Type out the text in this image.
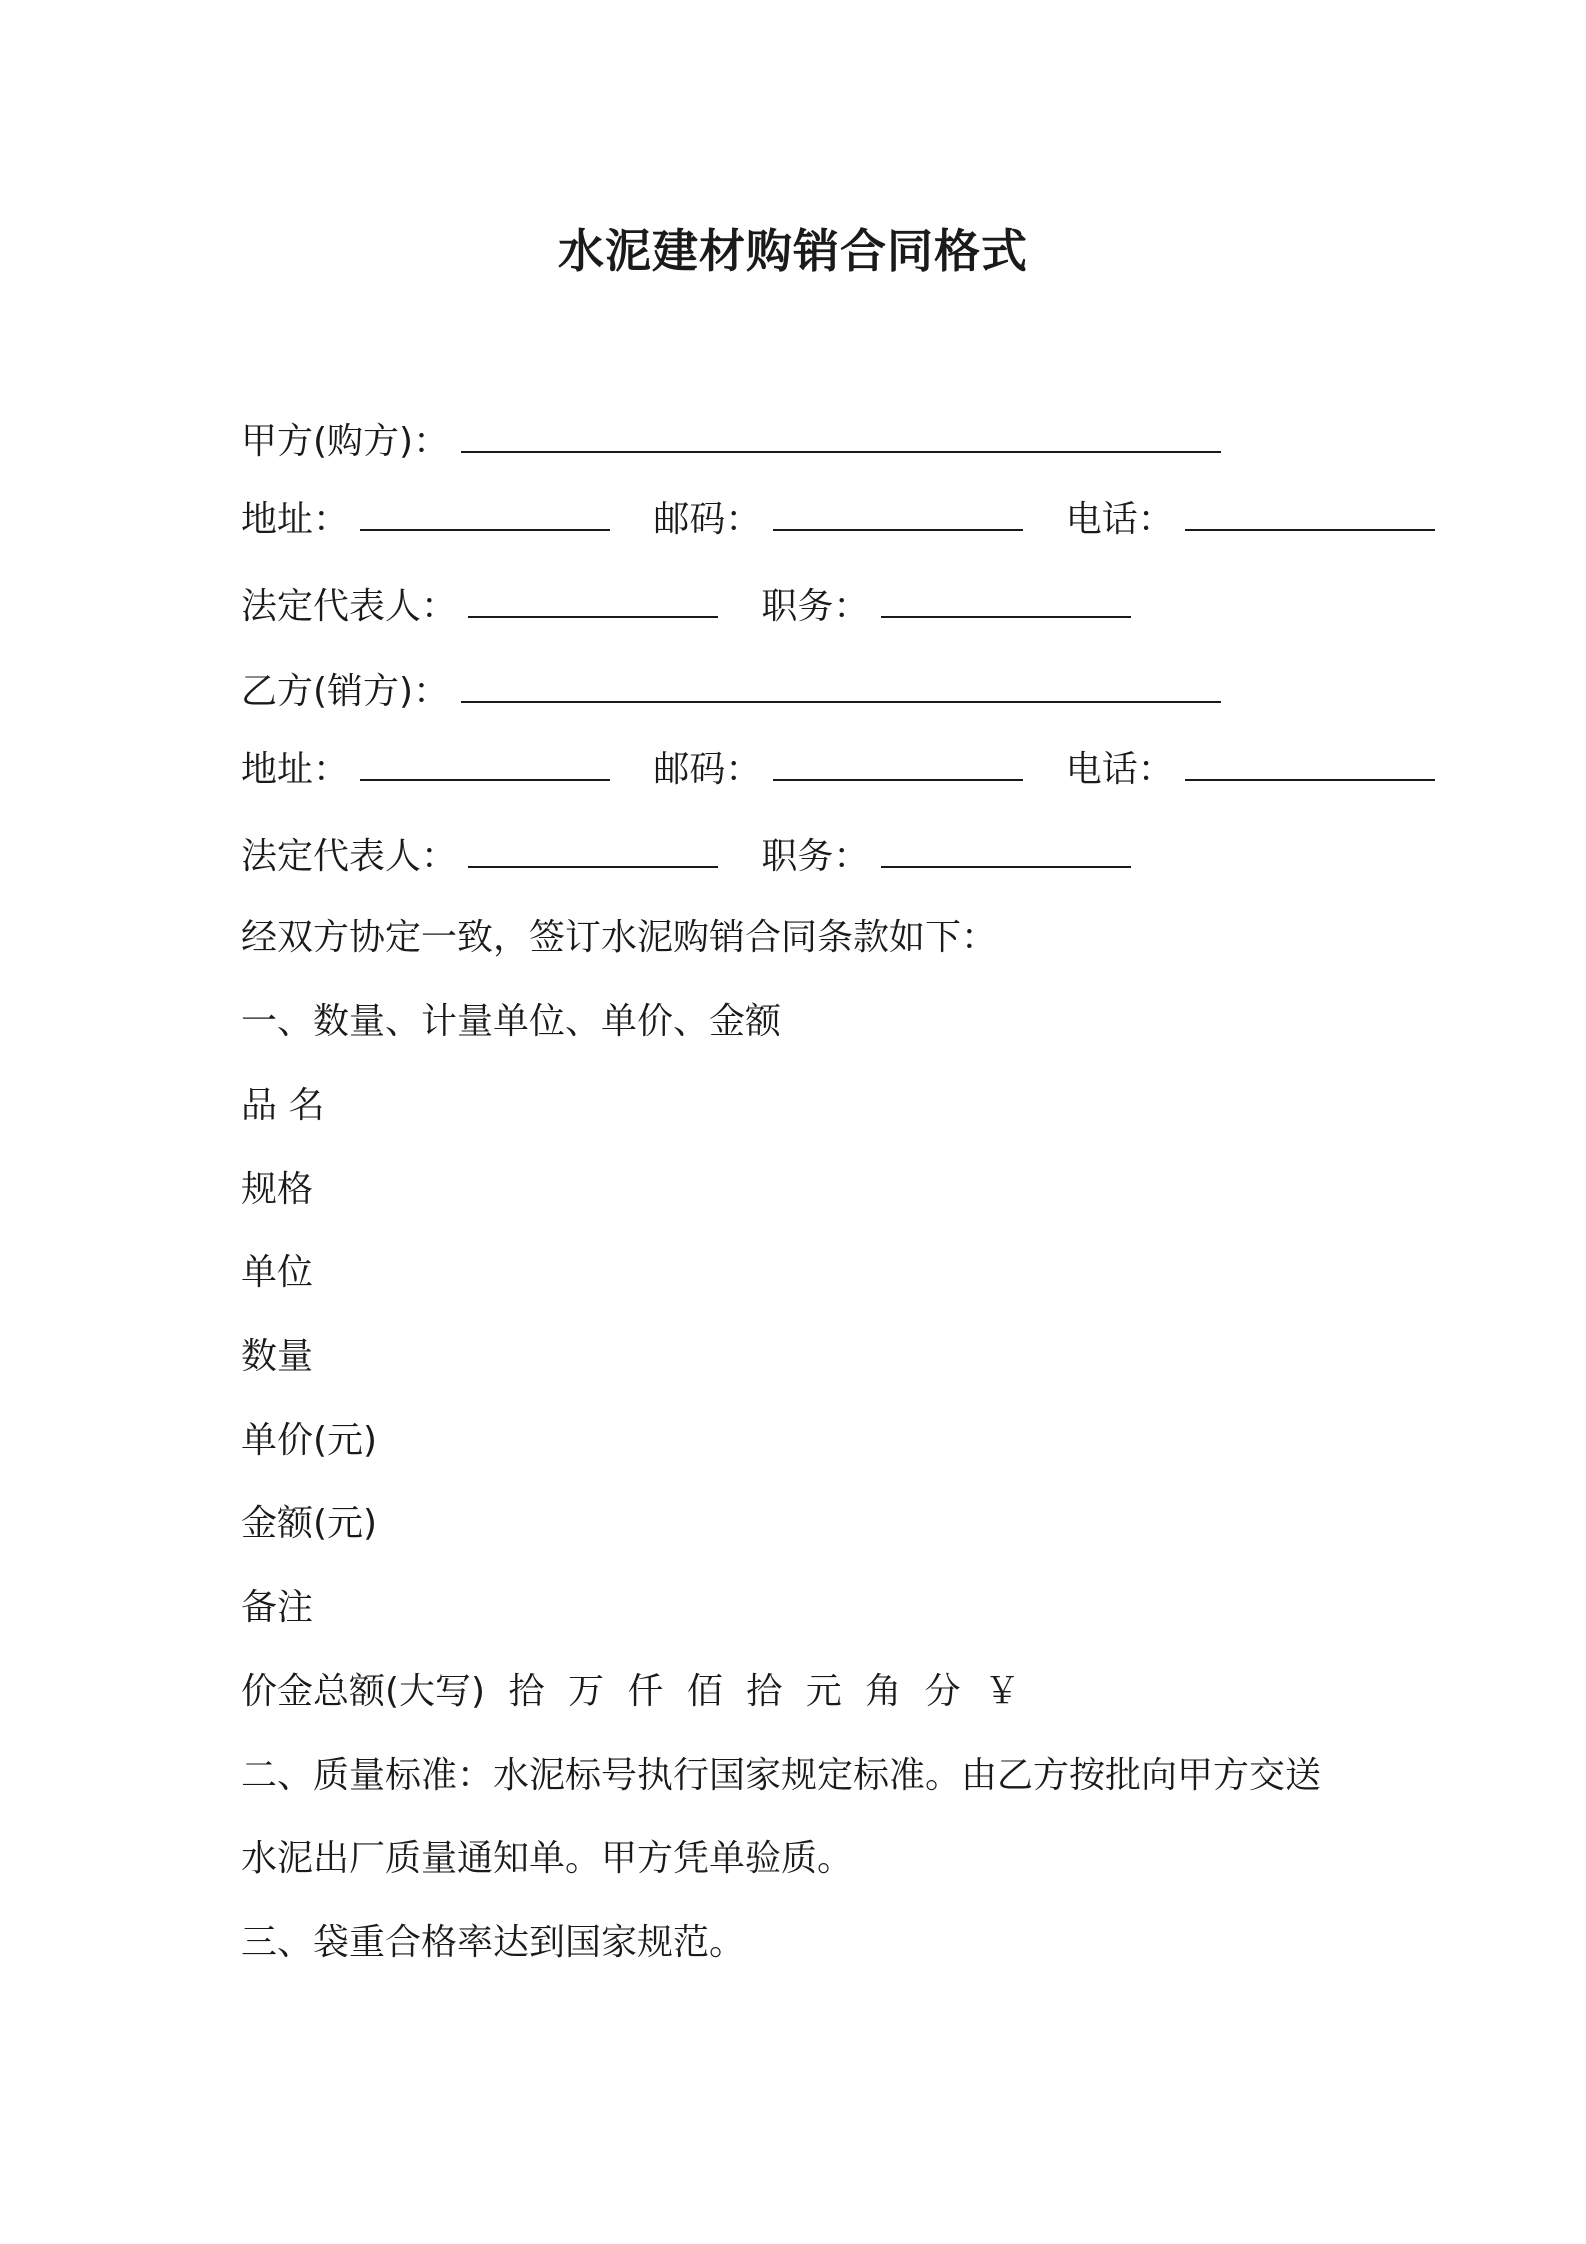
水泥建材购销合同格式
甲方(购方)：
地址：	邮码：	电话：
法定代表人：	职务：
乙方(销方)：
地址：	邮码：	电话：
法定代表人：	职务：
经双方协定一致，签订水泥购销合同条款如下：
一、数量、计量单位、单价、金额
品 名
规格
单位
数量
单价(元)
金额(元)
备注
价金总额(大写) 拾 万 仟 佰 拾 元 角 分 ￥
二、质量标准：水泥标号执行国家规定标准。由乙方按批向甲方交送
水泥出厂质量通知单。甲方凭单验质。
三、袋重合格率达到国家规范。
